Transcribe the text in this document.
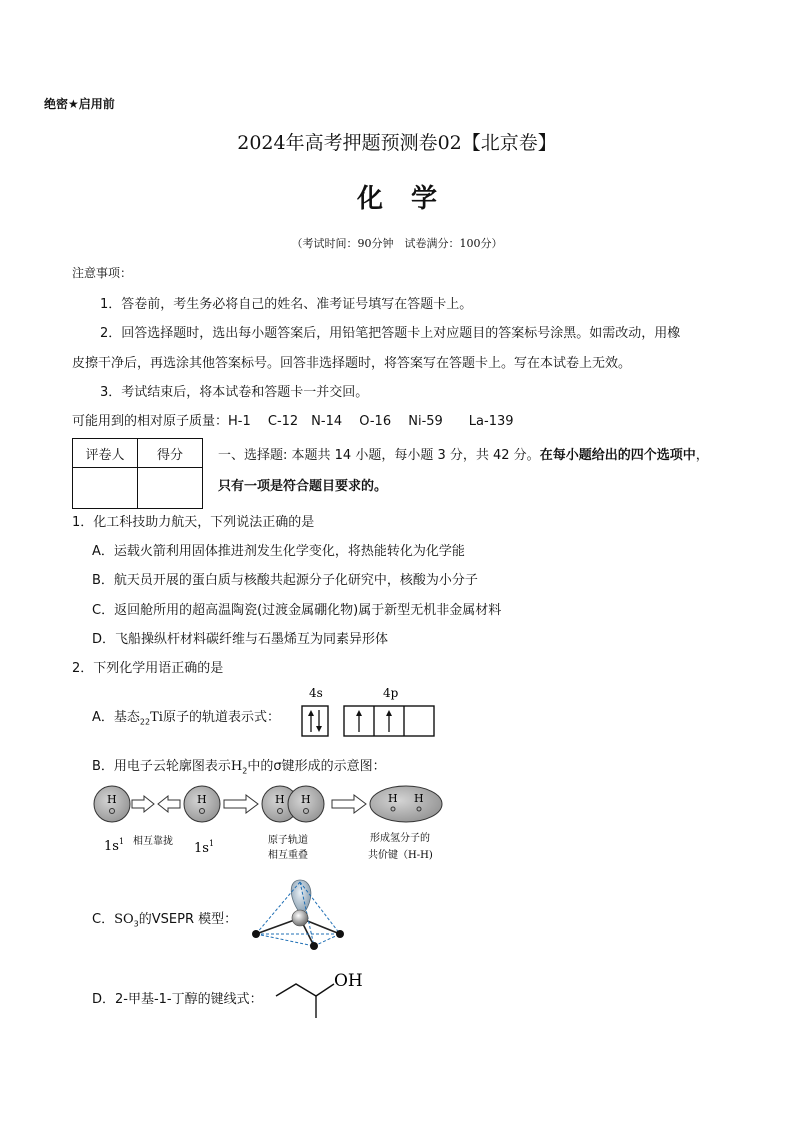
绝密★启用前
2024年高考押题预测卷02【北京卷】
化学
（考试时间：90分钟　试卷满分：100分）
注意事项：
1．答卷前，考生务必将自己的姓名、准考证号填写在答题卡上。
2．回答选择题时，选出每小题答案后，用铅笔把答题卡上对应题目的答案标号涂黑。如需改动，用橡
皮擦干净后，再选涂其他答案标号。回答非选择题时，将答案写在答题卡上。写在本试卷上无效。
3．考试结束后，将本试卷和答题卡一并交回。
可能用到的相对原子质量：H-1　 C-12　N-14　 O-16　 Ni-59　　La-139
评卷人	得分
		一、选择题: 本题共 14 小题，每小题 3 分，共 42 分。在每小题给出的四个选项中，
只有一项是符合题目要求的。
1．化工科技助力航天，下列说法正确的是
A．运载火箭利用固体推进剂发生化学变化，将热能转化为化学能
B．航天员开展的蛋白质与核酸共起源分子化研究中，核酸为小分子
C．返回舱所用的超高温陶瓷(过渡金属硼化物)属于新型无机非金属材料
D．飞船操纵杆材料碳纤维与石墨烯互为同素异形体
2．下列化学用语正确的是
A．基态$_{22}$Ti原子的轨道表示式：
4s	4p
B．用电子云轮廓图表示$H_2$中的σ键形成的示意图：
H	H	H H	H H
$1s^1$ 相互靠拢 $1s^1$	原子轨道
相互重叠
形成氢分子的
共价键（H-H)
C．$SO_3$的VSEPR 模型：
D．2-甲基-1-丁醇的键线式：
OH
